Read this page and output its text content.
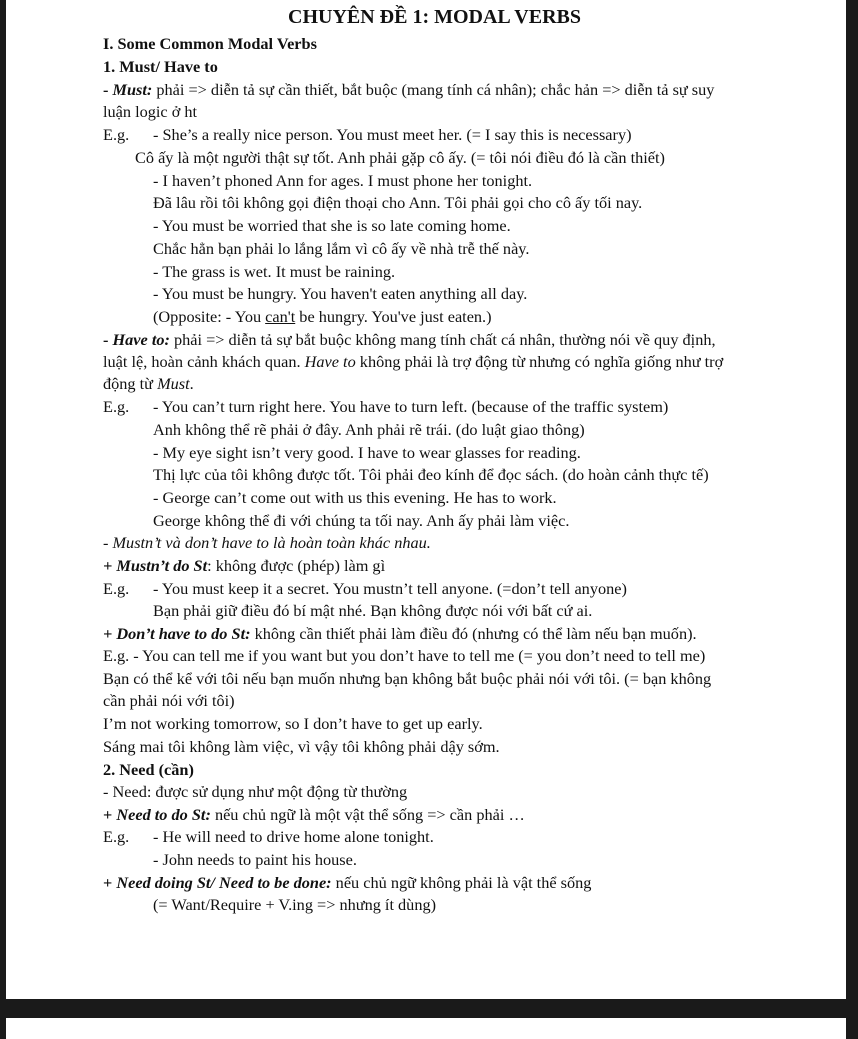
CHUYÊN ĐỀ 1: MODAL VERBS
I. Some Common Modal Verbs
1. Must/ Have to
- Must: phải => diễn tả sự cần thiết, bắt buộc (mang tính cá nhân); chắc hản => diễn tả sự suy
luận logic ở ht
E.g. - She’s a really nice person. You must meet her. (= I say this is necessary)
Cô ấy là một người thật sự tốt. Anh phải gặp cô ấy. (= tôi nói điều đó là cần thiết)
- I haven’t phoned Ann for ages. I must phone her tonight.
Đã lâu rồi tôi không gọi điện thoại cho Ann. Tôi phải gọi cho cô ấy tối nay.
- You must be worried that she is so late coming home.
Chắc hẳn bạn phải lo lắng lắm vì cô ấy về nhà trễ thế này.
- The grass is wet. It must be raining.
- You must be hungry. You haven't eaten anything all day.
(Opposite: - You can't be hungry. You've just eaten.)
- Have to: phải => diễn tả sự bắt buộc không mang tính chất cá nhân, thường nói về quy định,
luật lệ, hoàn cảnh khách quan. Have to không phải là trợ động từ nhưng có nghĩa giống như trợ
động từ Must.
E.g. - You can’t turn right here. You have to turn left. (because of the traffic system)
Anh không thể rẽ phải ở đây. Anh phải rẽ trái. (do luật giao thông)
- My eye sight isn’t very good. I have to wear glasses for reading.
Thị lực của tôi không được tốt. Tôi phải đeo kính để đọc sách. (do hoàn cảnh thực tế)
- George can’t come out with us this evening. He has to work.
George không thể đi với chúng ta tối nay. Anh ấy phải làm việc.
- Mustn’t và don’t have to là hoàn toàn khác nhau.
+ Mustn’t do St: không được (phép) làm gì
E.g. - You must keep it a secret. You mustn’t tell anyone. (=don’t tell anyone)
Bạn phải giữ điều đó bí mật nhé. Bạn không được nói với bất cứ ai.
+ Don’t have to do St: không cần thiết phải làm điều đó (nhưng có thể làm nếu bạn muốn).
E.g. - You can tell me if you want but you don’t have to tell me (= you don’t need to tell me)
Bạn có thể kể với tôi nếu bạn muốn nhưng bạn không bắt buộc phải nói với tôi. (= bạn không
cần phải nói với tôi)
I’m not working tomorrow, so I don’t have to get up early.
Sáng mai tôi không làm việc, vì vậy tôi không phải dậy sớm.
2. Need (cần)
- Need: được sử dụng như một động từ thường
+ Need to do St: nếu chủ ngữ là một vật thể sống => cần phải …
E.g. - He will need to drive home alone tonight.
- John needs to paint his house.
+ Need doing St/ Need to be done: nếu chủ ngữ không phải là vật thể sống
(= Want/Require + V.ing => nhưng ít dùng)
